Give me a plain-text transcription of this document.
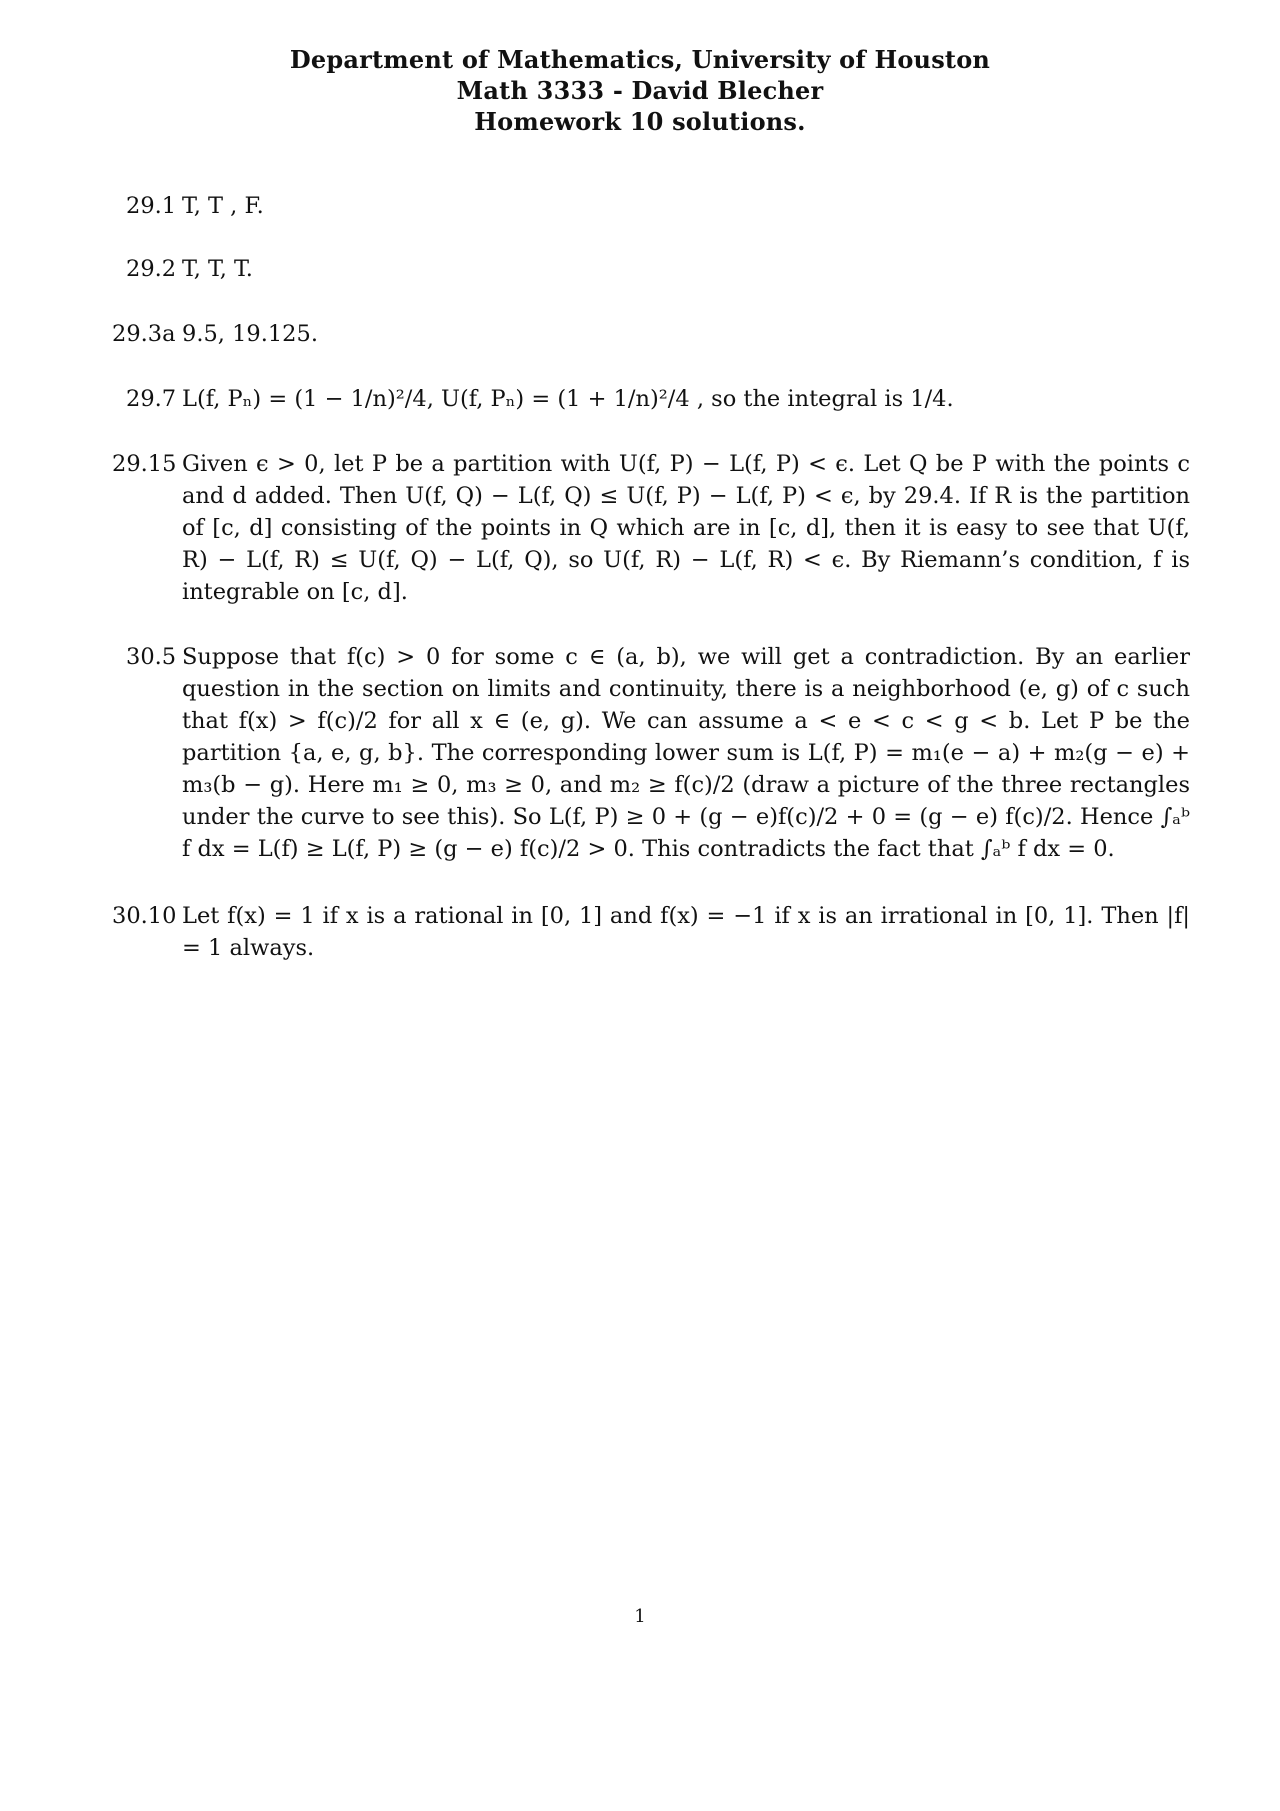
Department of Mathematics, University of Houston
Math 3333 - David Blecher
Homework 10 solutions.
29.1 T, T , F.
29.2 T, T, T.
29.3a 9.5, 19.125.
29.7 L(f, Pₙ) = (1 − 1/n)²/4, U(f, Pₙ) = (1 + 1/n)²/4 , so the integral is 1/4.
29.15 Given ϵ > 0, let P be a partition with U(f, P) − L(f, P) < ϵ. Let Q be P with the points c and d added. Then U(f, Q) − L(f, Q) ≤ U(f, P) − L(f, P) < ϵ, by 29.4. If R is the partition of [c, d] consisting of the points in Q which are in [c, d], then it is easy to see that U(f, R) − L(f, R) ≤ U(f, Q) − L(f, Q), so U(f, R) − L(f, R) < ϵ. By Riemann’s condition, f is integrable on [c, d].
30.5 Suppose that f(c) > 0 for some c ∈ (a, b), we will get a contradiction. By an earlier question in the section on limits and continuity, there is a neighborhood (e, g) of c such that f(x) > f(c)/2 for all x ∈ (e, g). We can assume a < e < c < g < b. Let P be the partition {a, e, g, b}. The corresponding lower sum is L(f, P) = m₁(e − a) + m₂(g − e) + m₃(b − g). Here m₁ ≥ 0, m₃ ≥ 0, and m₂ ≥ f(c)/2 (draw a picture of the three rectangles under the curve to see this). So L(f, P) ≥ 0 + (g − e)f(c)/2 + 0 = (g − e) f(c)/2. Hence ∫ₐᵇ f dx = L(f) ≥ L(f, P) ≥ (g − e) f(c)/2 > 0. This contradicts the fact that ∫ₐᵇ f dx = 0.
30.10 Let f(x) = 1 if x is a rational in [0, 1] and f(x) = −1 if x is an irrational in [0, 1]. Then |f| = 1 always.
1
